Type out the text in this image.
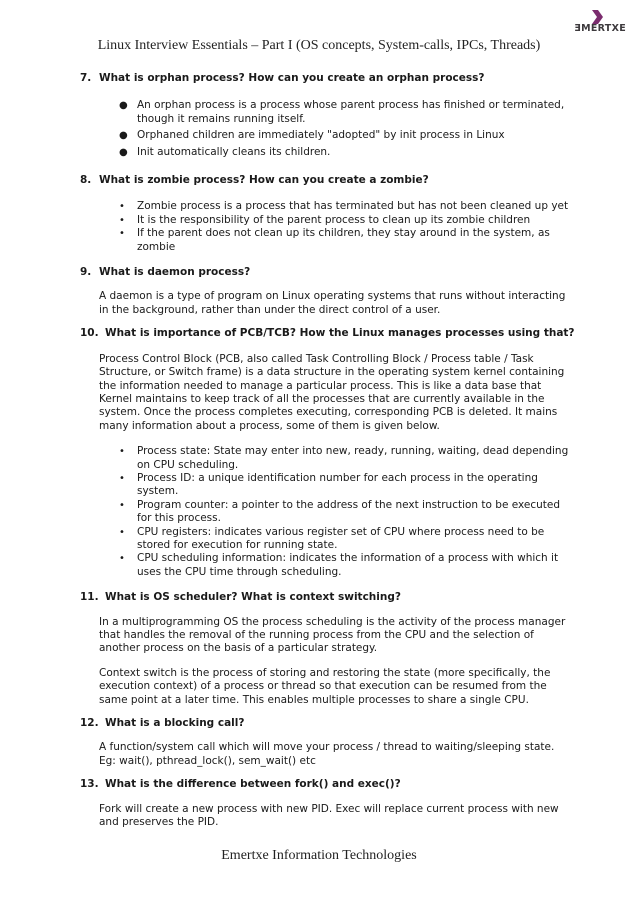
Linux Interview Essentials – Part I (OS concepts, System-calls, IPCs, Threads)
ƎMERTXE
7. What is orphan process? How can you create an orphan process?
● An orphan process is a process whose parent process has finished or terminated, though it remains running itself.
● Orphaned children are immediately "adopted" by init process in Linux
● Init automatically cleans its children.
8. What is zombie process? How can you create a zombie?
• Zombie process is a process that has terminated but has not been cleaned up yet
• It is the responsibility of the parent process to clean up its zombie children
• If the parent does not clean up its children, they stay around in the system, as zombie
9. What is daemon process?
A daemon is a type of program on Linux operating systems that runs without interacting in the background, rather than under the direct control of a user.
10. What is importance of PCB/TCB? How the Linux manages processes using that?
Process Control Block (PCB, also called Task Controlling Block / Process table / Task Structure, or Switch frame) is a data structure in the operating system kernel containing the information needed to manage a particular process. This is like a data base that Kernel maintains to keep track of all the processes that are currently available in the system. Once the process completes executing, corresponding PCB is deleted. It mains many information about a process, some of them is given below.
• Process state: State may enter into new, ready, running, waiting, dead depending on CPU scheduling.
• Process ID: a unique identification number for each process in the operating system.
• Program counter: a pointer to the address of the next instruction to be executed for this process.
• CPU registers: indicates various register set of CPU where process need to be stored for execution for running state.
• CPU scheduling information: indicates the information of a process with which it uses the CPU time through scheduling.
11. What is OS scheduler? What is context switching?
In a multiprogramming OS the process scheduling is the activity of the process manager that handles the removal of the running process from the CPU and the selection of another process on the basis of a particular strategy.
Context switch is the process of storing and restoring the state (more specifically, the execution context) of a process or thread so that execution can be resumed from the same point at a later time. This enables multiple processes to share a single CPU.
12. What is a blocking call?
A function/system call which will move your process / thread to waiting/sleeping state.
Eg: wait(), pthread_lock(), sem_wait() etc
13. What is the difference between fork() and exec()?
Fork will create a new process with new PID. Exec will replace current process with new and preserves the PID.
Emertxe Information Technologies
